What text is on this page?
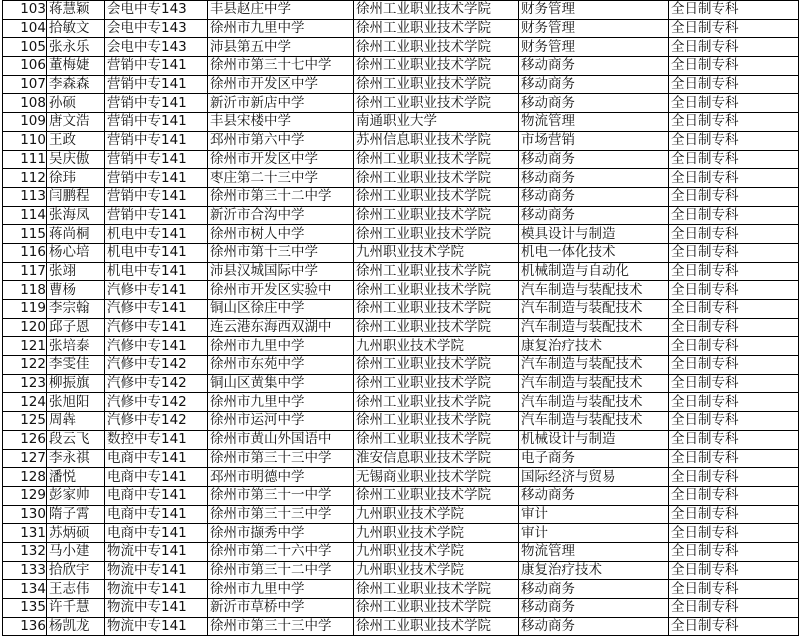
103	蒋慧颖	会电中专143	丰县赵庄中学	徐州工业职业技术学院	财务管理	全日制专科
104	拾敏文	会电中专143	徐州市九里中学	徐州工业职业技术学院	财务管理	全日制专科
105	张永乐	会电中专143	沛县第五中学	徐州工业职业技术学院	财务管理	全日制专科
106	董梅婕	营销中专141	徐州市第三十七中学	徐州工业职业技术学院	移动商务	全日制专科
107	李森森	营销中专141	徐州市开发区中学	徐州工业职业技术学院	移动商务	全日制专科
108	孙硕	营销中专141	新沂市新店中学	徐州工业职业技术学院	移动商务	全日制专科
109	唐文浩	营销中专141	丰县宋楼中学	南通职业大学	物流管理	全日制专科
110	王政	营销中专141	邳州市第六中学	苏州信息职业技术学院	市场营销	全日制专科
111	吴庆傲	营销中专141	徐州市开发区中学	徐州工业职业技术学院	移动商务	全日制专科
112	徐玮	营销中专141	枣庄第二十三中学	徐州工业职业技术学院	移动商务	全日制专科
113	闫鹏程	营销中专141	徐州市第三十二中学	徐州工业职业技术学院	移动商务	全日制专科
114	张海凤	营销中专141	新沂市合沟中学	徐州工业职业技术学院	移动商务	全日制专科
115	蒋尚桐	机电中专141	徐州市树人中学	徐州工业职业技术学院	模具设计与制造	全日制专科
116	杨心培	机电中专141	徐州市第十三中学	九州职业技术学院	机电一体化技术	全日制专科
117	张翊	机电中专141	沛县汉城国际中学	徐州工业职业技术学院	机械制造与自动化	全日制专科
118	曹杨	汽修中专141	徐州市开发区实验中	徐州工业职业技术学院	汽车制造与装配技术	全日制专科
119	李宗翰	汽修中专141	铜山区徐庄中学	徐州工业职业技术学院	汽车制造与装配技术	全日制专科
120	邱子恩	汽修中专141	连云港东海西双湖中	徐州工业职业技术学院	汽车制造与装配技术	全日制专科
121	张培泰	汽修中专141	徐州市九里中学	九州职业技术学院	康复治疗技术	全日制专科
122	李雯佳	汽修中专142	徐州市东苑中学	徐州工业职业技术学院	汽车制造与装配技术	全日制专科
123	柳振旗	汽修中专142	铜山区黄集中学	徐州工业职业技术学院	汽车制造与装配技术	全日制专科
124	张旭阳	汽修中专142	徐州市九里中学	徐州工业职业技术学院	汽车制造与装配技术	全日制专科
125	周犇	汽修中专142	徐州市运河中学	徐州工业职业技术学院	汽车制造与装配技术	全日制专科
126	段云飞	数控中专141	徐州市黄山外国语中	徐州工业职业技术学院	机械设计与制造	全日制专科
127	李永祺	电商中专141	徐州市第三十三中学	淮安信息职业技术学院	电子商务	全日制专科
128	潘悦	电商中专141	邳州市明德中学	无锡商业职业技术学院	国际经济与贸易	全日制专科
129	彭家帅	电商中专141	徐州市第三十一中学	徐州工业职业技术学院	移动商务	全日制专科
130	隋子霄	电商中专141	徐州市第三十三中学	九州职业技术学院	审计	全日制专科
131	苏炳硕	电商中专141	徐州市撷秀中学	九州职业技术学院	审计	全日制专科
132	马小建	物流中专141	徐州市第二十六中学	九州职业技术学院	物流管理	全日制专科
133	拾欣宇	物流中专141	徐州市第三十二中学	九州职业技术学院	康复治疗技术	全日制专科
134	王志伟	物流中专141	徐州市九里中学	徐州工业职业技术学院	移动商务	全日制专科
135	许千慧	物流中专141	新沂市草桥中学	徐州工业职业技术学院	移动商务	全日制专科
136	杨凯龙	物流中专141	徐州市第三十三中学	徐州工业职业技术学院	移动商务	全日制专科
